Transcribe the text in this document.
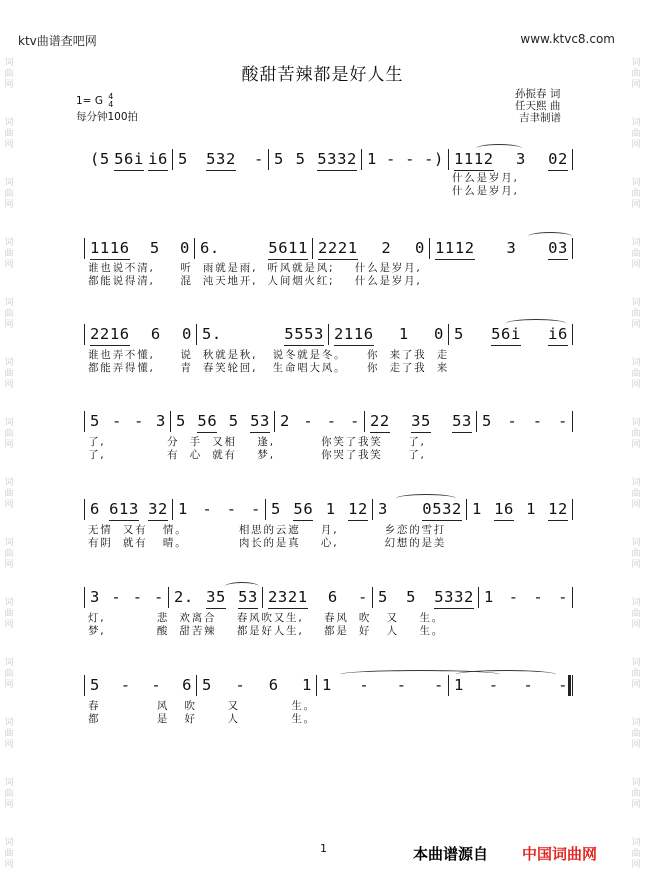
ktv曲谱查吧网	www.ktvc8.com
词
曲
网
词
曲
网
词
曲
网
词
曲
网
词
曲
网
词
曲
网
词
曲
网
词
曲
网
词
曲
网
词
曲
网
词
曲
网
词
曲
网
词
曲
网
词
曲
网
词
曲
网
词
曲
网
词
曲
网
词
曲
网
词
曲
网
词
曲
网
词
曲
网
词
曲
网
词
曲
网
词
曲
网
词
曲
网
词
曲
网
词
曲
网
词
曲
网
酸甜苦辣都是好人生
1= G 4
4
每分钟100拍
孙振春 词
任天熙 曲
吉聿制谱
(5 56i i6 5 532 - 5 5 5332 1 - - -) 1112 3 02
什么是岁月,
什么是岁月,
1116 5 0 6.	5611 2221 2 0 1112 3 03
谁也说不清,     听  雨就是雨,  听风就是风;    什么是岁月,
都能说得清,     混  沌天地开,  人间烟火红;    什么是岁月,
2216 6 0 5.	5553 2116 1 0 5 56i i6
谁也弄不懂,     说  秋就是秋,   说冬就是冬。    你  来了我  走
都能弄得懂,     青  春笑轮回,   生命唱大风。    你  走了我  来
5 - - 3 5 56 5 53 2 - - - 22 35 53 5 - - -
了,            分  手  又相    逢,         你笑了我笑     了,
了,            有  心  就有    梦,         你哭了我笑     了,
6 613 32 1 - - - 5 56 1 12 3 0532 1 16 1 12
无情  又有   情。          相思的云遮    月,         乡恋的雪打
有阴  就有   晴。          肉长的是真    心,         幻想的是美
3 - - - 2. 35 53 2321 6 - 5 5 5332 1 - - -
灯,          悲  欢离合    春风吹又生,    春风  吹   又    生。
梦,          酸  甜苦辣    都是好人生,    都是  好   人    生。
5 - - 6 5 - 6 1 1 - - - 1 - - -
春           风   吹      又          生。
都           是   好      人          生。
1	本曲谱源自 中国词曲网
